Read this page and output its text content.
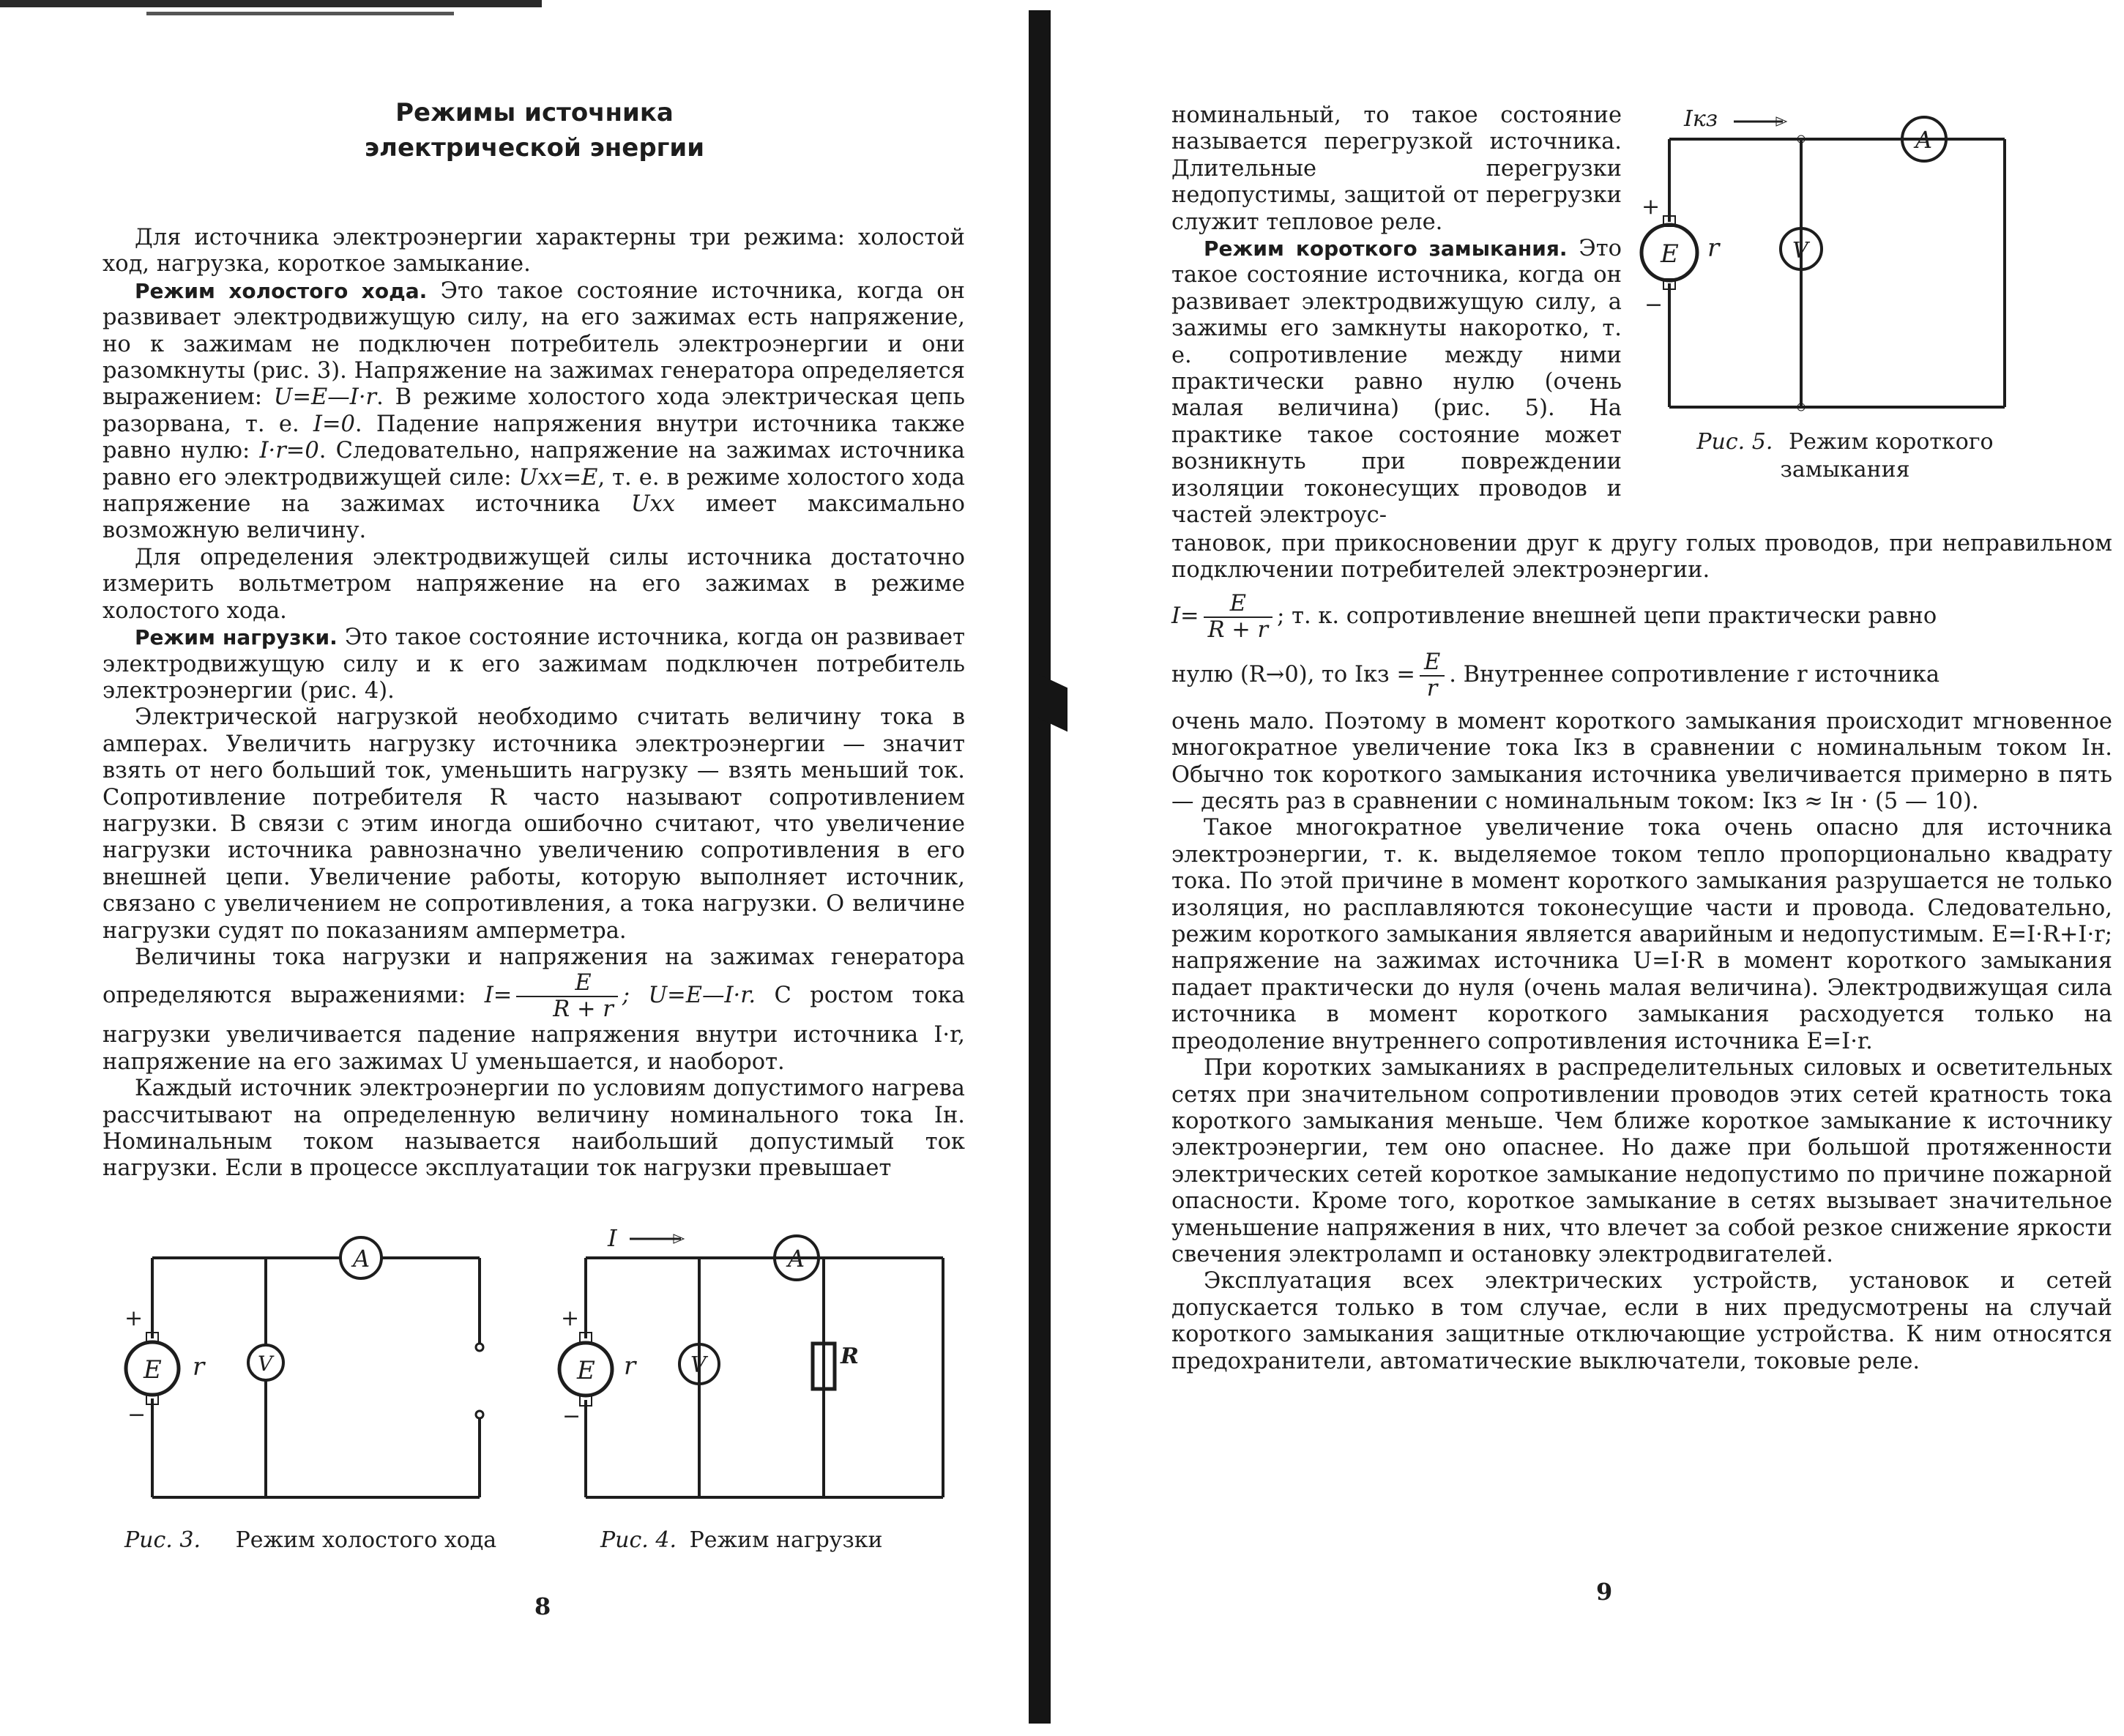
Режимы источника
электрической энергии

Для источника электроэнергии характерны три режима: холостой ход, нагрузка, короткое замыкание.

Режим холостого хода. Это такое состояние источника, когда он развивает электродвижущую силу, на его зажимах есть напряжение, но к зажимам не подключен потребитель электроэнергии и они разомкнуты (рис. 3). Напряжение на зажимах генератора определяется выражением: U=E—I·r. В режиме холостого хода электрическая цепь разорвана, т. е. I=0. Падение напряжения внутри источника также равно нулю: I·r=0. Следовательно, напряжение на зажимах источника равно его электродвижущей силе: Uхх=E, т. е. в режиме холостого хода напряжение на зажимах источника Uхх имеет максимально возможную величину.

Для определения электродвижущей силы источника достаточно измерить вольтметром напряжение на его зажимах в режиме холостого хода.

Режим нагрузки. Это такое состояние источника, когда он развивает электродвижущую силу и к его зажимам подключен потребитель электроэнергии (рис. 4).

Электрической нагрузкой необходимо считать величину тока в амперах. Увеличить нагрузку источника электроэнергии — значит взять от него больший ток, уменьшить нагрузку — взять меньший ток. Сопротивление потребителя R часто называют сопротивлением нагрузки. В связи с этим иногда ошибочно считают, что увеличение нагрузки источника равнозначно увеличению сопротивления в его внешней цепи. Увеличение работы, которую выполняет источник, связано с увеличением не сопротивления, а тока нагрузки. О величине нагрузки судят по показаниям амперметра.

Величины тока нагрузки и напряжения на зажимах генератора определяются выражениями: $I= \frac{E}{R + r}$ ; U=E—I·r. С ростом тока нагрузки увеличивается падение напряжения внутри источника I·r, напряжение на его зажимах U уменьшается, и наоборот.

Каждый источник электроэнергии по условиям допустимого нагрева рассчитывают на определенную величину номинального тока Iн. Номинальным током называется наибольший допустимый ток нагрузки. Если в процессе эксплуатации ток нагрузки превышает

A
V
E r
+
−
Рис. 3. Режим холостого хода
A
V	R
E r
+
−
I
Рис. 4. Режим нагрузки
8

номинальный, то такое состояние называется перегрузкой источника. Длительные перегрузки недопустимы, защитой от перегрузки служит тепловое реле.

Режим короткого замыкания. Это такое состояние источника, когда он развивает электродвижущую силу, а зажимы его замкнуты накоротко, т. е. сопротивление между ними практически равно нулю (очень малая величина) (рис. 5). На практике такое состояние может возникнуть при повреждении изоляции токонесущих проводов и частей электроус-

A
V
E r
+
−
Iкз
Рис. 5. Режим короткого замыкания

тановок, при прикосновении друг к другу голых проводов, при неправильном подключении потребителей электроэнергии.

$I= \frac{E}{R + r}$ ; т. к. сопротивление внешней цепи практически равно

нулю (R→0), то Iкз = $\frac{E}{r}$ . Внутреннее сопротивление r источника

очень мало. Поэтому в момент короткого замыкания происходит мгновенное многократное увеличение тока Iкз в сравнении с номинальным током Iн. Обычно ток короткого замыкания источника увеличивается примерно в пять — десять раз в сравнении с номинальным током: Iкз ≈ Iн · (5 — 10).

Такое многократное увеличение тока очень опасно для источника электроэнергии, т. к. выделяемое током тепло пропорционально квадрату тока. По этой причине в момент короткого замыкания разрушается не только изоляция, но расплавляются токонесущие части и провода. Следовательно, режим короткого замыкания является аварийным и недопустимым. E=I·R+I·r; напряжение на зажимах источника U=I·R в момент короткого замыкания падает практически до нуля (очень малая величина). Электродвижущая сила источника в момент короткого замыкания расходуется только на преодоление внутреннего сопротивления источника E=I·r.

При коротких замыканиях в распределительных силовых и осветительных сетях при значительном сопротивлении проводов этих сетей кратность тока короткого замыкания меньше. Чем ближе короткое замыкание к источнику электроэнергии, тем оно опаснее. Но даже при большой протяженности электрических сетей короткое замыкание недопустимо по причине пожарной опасности. Кроме того, короткое замыкание в сетях вызывает значительное уменьшение напряжения в них, что влечет за собой резкое снижение яркости свечения электроламп и остановку электродвигателей.

Эксплуатация всех электрических устройств, установок и сетей допускается только в том случае, если в них предусмотрены на случай короткого замыкания защитные отключающие устройства. К ним относятся предохранители, автоматические выключатели, токовые реле.

9
